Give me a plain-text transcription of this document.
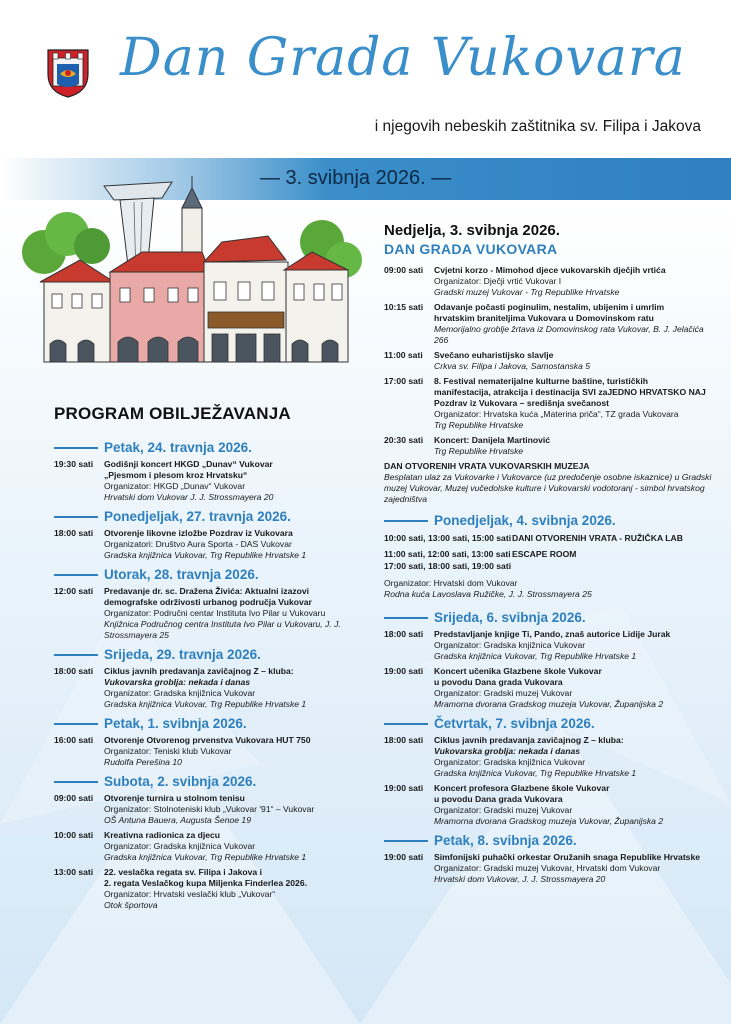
Dan Grada Vukovara
i njegovih nebeskih zaštitnika sv. Filipa i Jakova
— 3. svibnja 2026. —
PROGRAM OBILJEŽAVANJA
Petak, 24. travnja 2026.
19:30 sati	Godišnji koncert HKGD „Dunav“ Vukovar
„Pjesmom i plesom kroz Hrvatsku“
Organizator: HKGD „Dunav“ Vukovar
Hrvatski dom Vukovar J. J. Strossmayera 20
Ponedjeljak, 27. travnja 2026.
18:00 sati	Otvorenje likovne izložbe Pozdrav iz Vukovara
Organizatori: Društvo Aura Sporta - DAS Vukovar
Gradska knjižnica Vukovar, Trg Republike Hrvatske 1
Utorak, 28. travnja 2026.
12:00 sati	Predavanje dr. sc. Dražena Živića: Aktualni izazovi
demografske održivosti urbanog područja Vukovar
Organizator: Područni centar Instituta Ivo Pilar u Vukovaru
Knjižnica Područnog centra Instituta Ivo Pilar u Vukovaru, J. J. Strossmayera 25
Srijeda, 29. travnja 2026.
18:00 sati	Ciklus javnih predavanja zavičajnog Z – kluba:
Vukovarska groblja: nekada i danas
Organizator: Gradska knjižnica Vukovar
Gradska knjižnica Vukovar, Trg Republike Hrvatske 1
Petak, 1. svibnja 2026.
16:00 sati	Otvorenje Otvorenog prvenstva Vukovara HUT 750
Organizator: Teniski klub Vukovar
Rudolfa Perešina 10
Subota, 2. svibnja 2026.
09:00 sati	Otvorenje turnira u stolnom tenisu
Organizator: Stolnoteniski klub „Vukovar '91“ – Vukovar
OŠ Antuna Bauera, Augusta Šenoe 19
10:00 sati	Kreativna radionica za djecu
Organizator: Gradska knjižnica Vukovar
Gradska knjižnica Vukovar, Trg Republike Hrvatske 1
13:00 sati	22. veslačka regata sv. Filipa i Jakova i
2. regata Veslačkog kupa Miljenka Finderlea 2026.
Organizator: Hrvatski veslački klub „Vukovar“
Otok športova
Nedjelja, 3. svibnja 2026.
DAN GRADA VUKOVARA
09:00 sati	Cvjetni korzo - Mimohod djece vukovarskih dječjih vrtića
Organizator: Dječji vrtić Vukovar I
Gradski muzej Vukovar - Trg Republike Hrvatske
10:15 sati	Odavanje počasti poginulim, nestalim, ubijenim i umrlim
hrvatskim braniteljima Vukovara u Domovinskom ratu
Memorijalno groblje žrtava iz Domovinskog rata Vukovar, B. J. Jelačića 266
11:00 sati	Svečano euharistijsko slavlje
Crkva sv. Filipa i Jakova, Samostanska 5
17:00 sati	8. Festival nematerijalne kulturne baštine, turističkih
manifestacija, atrakcija i destinacija SVI zaJEDNO HRVATSKO NAJ
Pozdrav iz Vukovara – središnja svečanost
Organizator: Hrvatska kuća „Materina priča“, TZ grada Vukovara
Trg Republike Hrvatske
20:30 sati	Koncert: Danijela Martinović
Trg Republike Hrvatske
DAN OTVORENIH VRATA VUKOVARSKIH MUZEJA
Besplatan ulaz za Vukovarke i Vukovarce (uz predočenje osobne iskaznice) u Gradski muzej Vukovar, Muzej vučedolske kulture i Vukovarski vodotoranj - simbol hrvatskog zajedništva
Ponedjeljak, 4. svibnja 2026.
10:00 sati, 13:00 sati, 15:00 sati DANI OTVORENIH VRATA - RUŽIČKA LAB
11:00 sati, 12:00 sati, 13:00 sati ESCAPE ROOM
17:00 sati, 18:00 sati, 19:00 sati
Organizator: Hrvatski dom Vukovar
Rodna kuća Lavoslava Ružičke, J. J. Strossmayera 25
Srijeda, 6. svibnja 2026.
18:00 sati	Predstavljanje knjige Ti, Pando, znaš autorice Lidije Jurak
Organizator: Gradska knjižnica Vukovar
Gradska knjižnica Vukovar, Trg Republike Hrvatske 1
19:00 sati	Koncert učenika Glazbene škole Vukovar
u povodu Dana grada Vukovara
Organizator: Gradski muzej Vukovar
Mramorna dvorana Gradskog muzeja Vukovar, Županijska 2
Četvrtak, 7. svibnja 2026.
18:00 sati	Ciklus javnih predavanja zavičajnog Z – kluba:
Vukovarska groblja: nekada i danas
Organizator: Gradska knjižnica Vukovar
Gradska knjižnica Vukovar, Trg Republike Hrvatske 1
19:00 sati	Koncert profesora Glazbene škole Vukovar
u povodu Dana grada Vukovara
Organizator: Gradski muzej Vukovar
Mramorna dvorana Gradskog muzeja Vukovar, Županijska 2
Petak, 8. svibnja 2026.
19:00 sati	Simfonijski puhački orkestar Oružanih snaga Republike Hrvatske
Organizator: Gradski muzej Vukovar, Hrvatski dom Vukovar
Hrvatski dom Vukovar, J. J. Strossmayera 20
